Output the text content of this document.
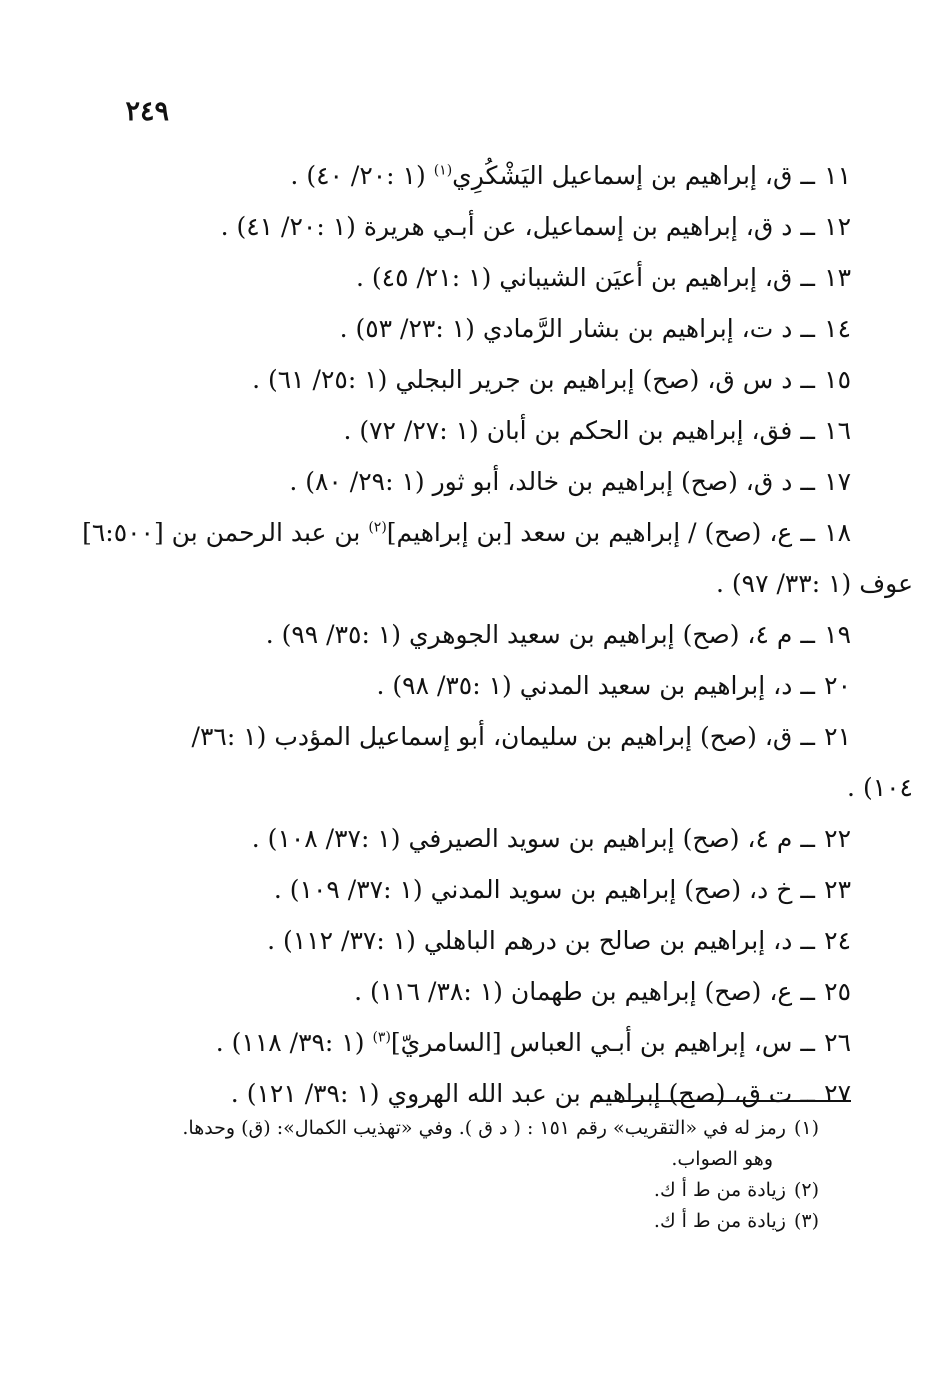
٢٤٩
١١ــق، إبراهيم بن إسماعيل اليَشْكُرِي$^{(١)}$ (١ :٢٠/ ٤٠) .
١٢ــد ق، إبراهيم بن إسماعيل، عن أبـي هريرة (١ :٢٠/ ٤١) .
١٣ــق، إبراهيم بن أعيَن الشيباني (١ :٢١/ ٤٥) .
١٤ــد ت، إبراهيم بن بشار الرَّمادي (١ :٢٣/ ٥٣) .
١٥ــد س ق، (صح) إبراهيم بن جرير البجلي (١ :٢٥/ ٦١) .
١٦ــفق، إبراهيم بن الحكم بن أبان (١ :٢٧/ ٧٢) .
١٧ــد ق، (صح) إبراهيم بن خالد، أبو ثور (١ :٢٩/ ٨٠) .
١٨ــع، (صح) / إبراهيم بن سعد [بن إبراهيم]$^{(٢)}$ بن عبد الرحمن بن [٦:٥٠٠]
عوف (١ :٣٣/ ٩٧) .
١٩ــم ٤، (صح) إبراهيم بن سعيد الجوهري (١ :٣٥/ ٩٩) .
٢٠ــد، إبراهيم بن سعيد المدني (١ :٣٥/ ٩٨) .
٢١ــق، (صح) إبراهيم بن سليمان، أبو إسماعيل المؤدب (١ :٣٦/
١٠٤) .
٢٢ــم ٤، (صح) إبراهيم بن سويد الصيرفي (١ :٣٧/ ١٠٨) .
٢٣ــخ د، (صح) إبراهيم بن سويد المدني (١ :٣٧/ ١٠٩) .
٢٤ــد، إبراهيم بن صالح بن درهم الباهلي (١ :٣٧/ ١١٢) .
٢٥ــع، (صح) إبراهيم بن طهمان (١ :٣٨/ ١١٦) .
٢٦ــس، إبراهيم بن أبـي العباس [السامريّ]$^{(٣)}$ (١ :٣٩/ ١١٨) .
٢٧ــت ق، (صح) إبراهيم بن عبد الله الهروي (١ :٣٩/ ١٢١) .
(١)رمز له في «التقريب» رقم ١٥١ : ( د ق ). وفي «تهذيب الكمال»: (ق) وحدها.
وهو الصواب.
(٢)زيادة من ط أ ك.
(٣)زيادة من ط أ ك.
